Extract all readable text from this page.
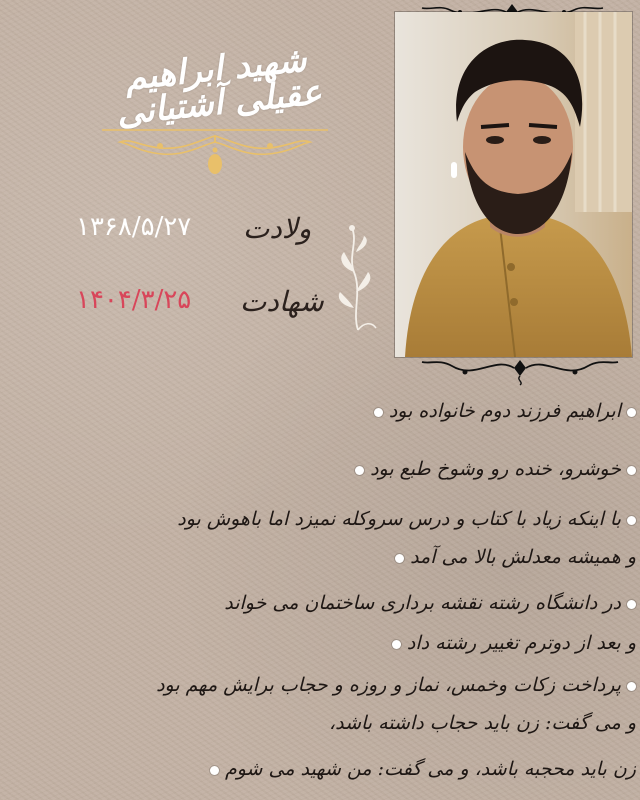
شهید ابراهیم عقیلی آشتیانی
ولادت
۱۳۶۸/۵/۲۷
شهادت
۱۴۰۴/۳/۲۵
ابراهیم فرزند دوم خانواده بود
خوشرو، خنده رو وشوخ طبع بود
با اینکه زیاد با کتاب و درس سروکله نمیزد اما باهوش بود
و همیشه معدلش بالا می آمد
در دانشگاه رشته نقشه برداری ساختمان می خواند
و بعد از دوترم تغییر رشته داد
پرداخت زکات وخمس، نماز و روزه و حجاب برایش مهم بود
و می گفت: زن باید حجاب داشته باشد،
زن باید محجبه باشد، و می گفت: من شهید می شوم
